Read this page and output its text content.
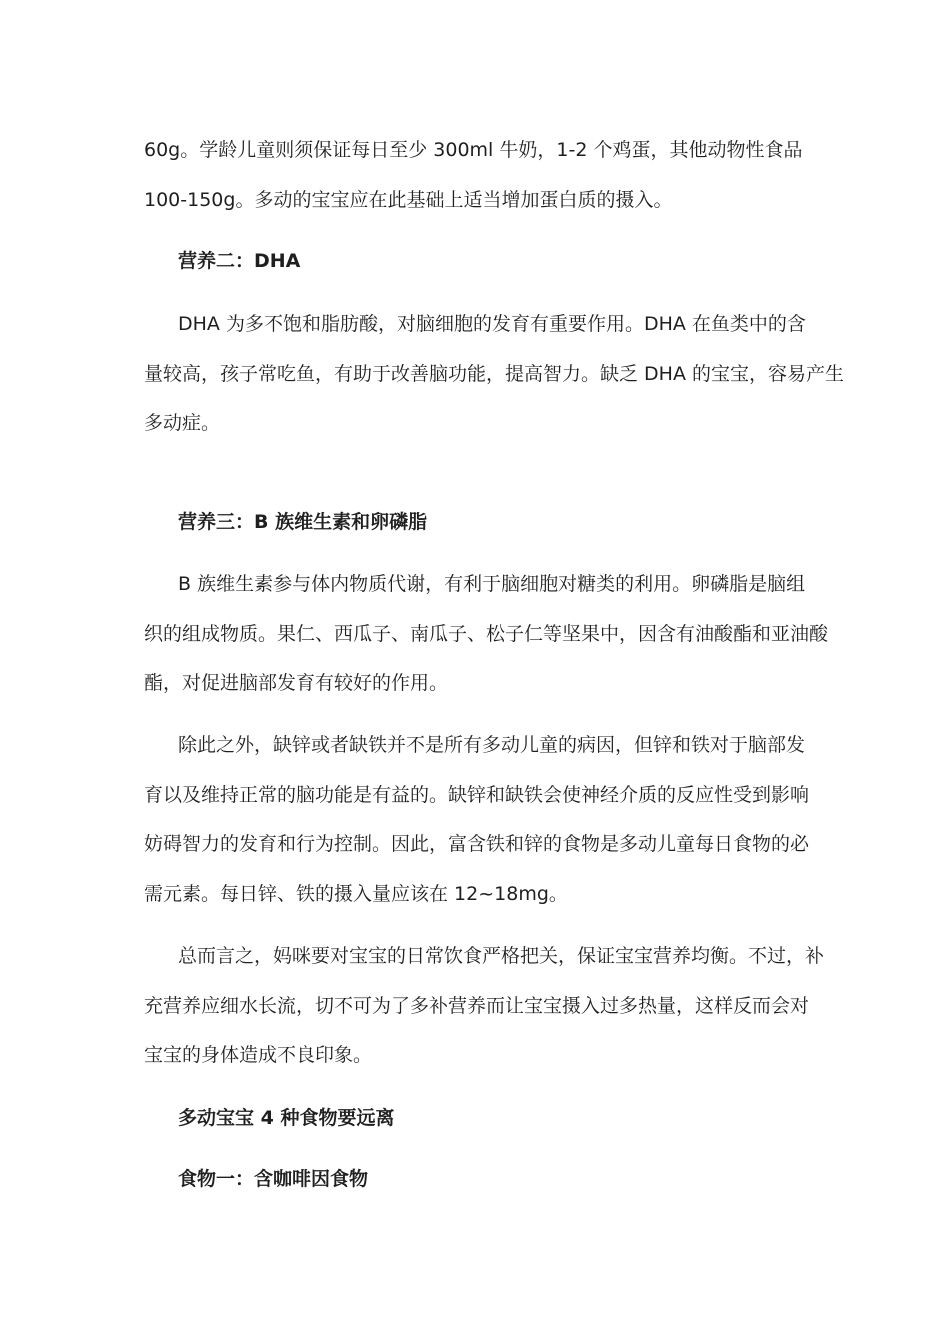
60g。学龄儿童则须保证每日至少 300ml 牛奶，1-2 个鸡蛋，其他动物性食品
100-150g。多动的宝宝应在此基础上适当增加蛋白质的摄入。
营养二：DHA
DHA 为多不饱和脂肪酸，对脑细胞的发育有重要作用。DHA 在鱼类中的含
量较高，孩子常吃鱼，有助于改善脑功能，提高智力。缺乏 DHA 的宝宝，容易产生
多动症。
营养三：B 族维生素和卵磷脂
B 族维生素参与体内物质代谢，有利于脑细胞对糖类的利用。卵磷脂是脑组
织的组成物质。果仁、西瓜子、南瓜子、松子仁等坚果中，因含有油酸酯和亚油酸
酯，对促进脑部发育有较好的作用。
除此之外，缺锌或者缺铁并不是所有多动儿童的病因，但锌和铁对于脑部发
育以及维持正常的脑功能是有益的。缺锌和缺铁会使神经介质的反应性受到影响
妨碍智力的发育和行为控制。因此，富含铁和锌的食物是多动儿童每日食物的必
需元素。每日锌、铁的摄入量应该在 12~18mg。
总而言之，妈咪要对宝宝的日常饮食严格把关，保证宝宝营养均衡。不过，补
充营养应细水长流，切不可为了多补营养而让宝宝摄入过多热量，这样反而会对
宝宝的身体造成不良印象。
多动宝宝 4 种食物要远离
食物一：含咖啡因食物
